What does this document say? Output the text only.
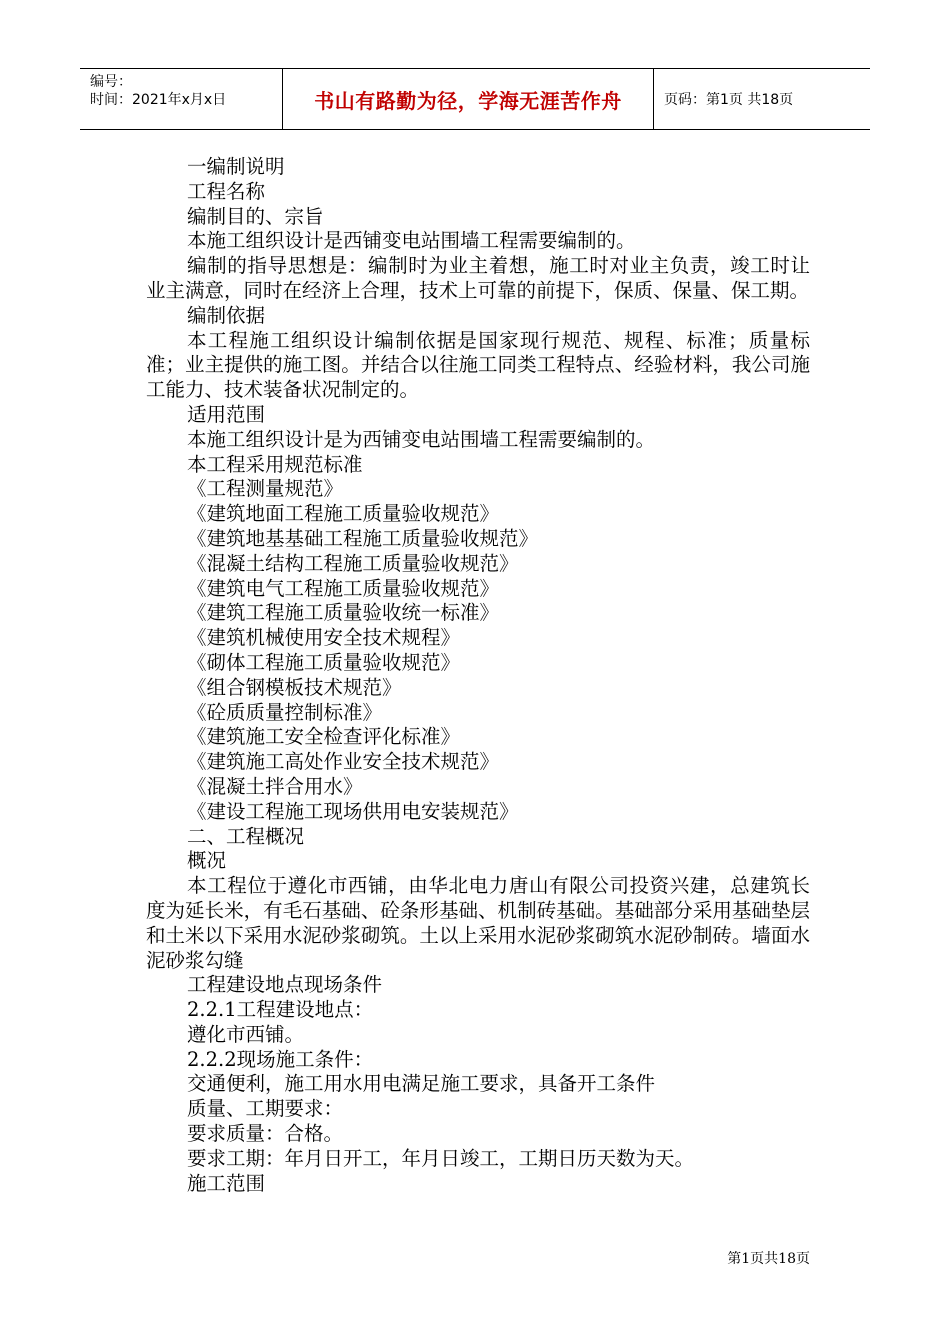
编号：
时间：2021年x月x日	书山有路勤为径，学海无涯苦作舟	页码：第1页 共18页

一编制说明

工程名称

编制目的、宗旨

本施工组织设计是西铺变电站围墙工程需要编制的。

编制的指导思想是：编制时为业主着想，施工时对业主负责，竣工时让业主满意，同时在经济上合理，技术上可靠的前提下，保质、保量、保工期。

编制依据

本工程施工组织设计编制依据是国家现行规范、规程、标准；质量标准；业主提供的施工图。并结合以往施工同类工程特点、经验材料，我公司施工能力、技术装备状况制定的。

适用范围

本施工组织设计是为西铺变电站围墙工程需要编制的。

本工程采用规范标准

《工程测量规范》

《建筑地面工程施工质量验收规范》

《建筑地基基础工程施工质量验收规范》

《混凝土结构工程施工质量验收规范》

《建筑电气工程施工质量验收规范》

《建筑工程施工质量验收统一标准》

《建筑机械使用安全技术规程》

《砌体工程施工质量验收规范》

《组合钢模板技术规范》

《砼质质量控制标准》

《建筑施工安全检查评化标准》

《建筑施工高处作业安全技术规范》

《混凝土拌合用水》

《建设工程施工现场供用电安装规范》

二、工程概况

概况

本工程位于遵化市西铺，由华北电力唐山有限公司投资兴建，总建筑长度为延长米，有毛石基础、砼条形基础、机制砖基础。基础部分采用基础垫层和土米以下采用水泥砂浆砌筑。土以上采用水泥砂浆砌筑水泥砂制砖。墙面水泥砂浆勾缝

工程建设地点现场条件

2.2.1工程建设地点：

遵化市西铺。

2.2.2现场施工条件：

交通便利，施工用水用电满足施工要求，具备开工条件

质量、工期要求：

要求质量：合格。

要求工期：年月日开工，年月日竣工，工期日历天数为天。

施工范围

第1页共18页
